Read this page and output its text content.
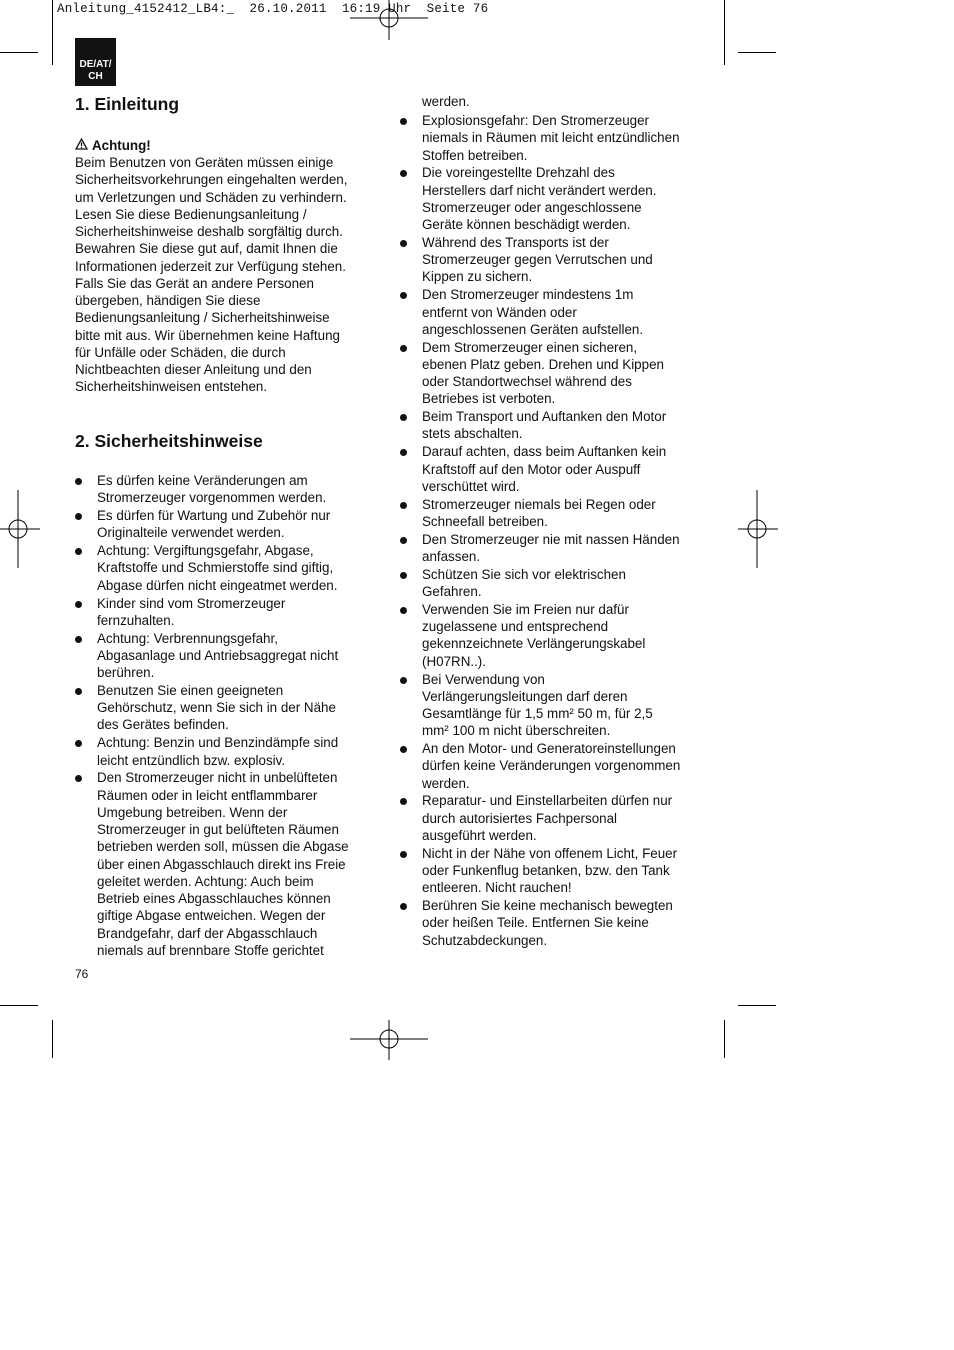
Anleitung_4152412_LB4:_  26.10.2011  16:19 Uhr  Seite 76
DE/AT/
CH
1. Einleitung
Achtung!
Beim Benutzen von Geräten müssen einige
Sicherheitsvorkehrungen eingehalten werden,
um Verletzungen und Schäden zu verhindern.
Lesen Sie diese Bedienungsanleitung /
Sicherheitshinweise deshalb sorgfältig durch.
Bewahren Sie diese gut auf, damit Ihnen die
Informationen jederzeit zur Verfügung stehen.
Falls Sie das Gerät an andere Personen
übergeben, händigen Sie diese
Bedienungsanleitung / Sicherheitshinweise
bitte mit aus. Wir übernehmen keine Haftung
für Unfälle oder Schäden, die durch
Nichtbeachten dieser Anleitung und den
Sicherheitshinweisen entstehen.
2. Sicherheitshinweise
Es dürfen keine Veränderungen am
Stromerzeuger vorgenommen werden.
Es dürfen für Wartung und Zubehör nur
Originalteile verwendet werden.
Achtung: Vergiftungsgefahr, Abgase,
Kraftstoffe und Schmierstoffe sind giftig,
Abgase dürfen nicht eingeatmet werden.
Kinder sind vom Stromerzeuger
fernzuhalten.
Achtung: Verbrennungsgefahr,
Abgasanlage und Antriebsaggregat nicht
berühren.
Benutzen Sie einen geeigneten
Gehörschutz, wenn Sie sich in der Nähe
des Gerätes befinden.
Achtung: Benzin und Benzindämpfe sind
leicht entzündlich bzw. explosiv.
Den Stromerzeuger nicht in unbelüfteten
Räumen oder in leicht entflammbarer
Umgebung betreiben. Wenn der
Stromerzeuger in gut belüfteten Räumen
betrieben werden soll, müssen die Abgase
über einen Abgasschlauch direkt ins Freie
geleitet werden. Achtung: Auch beim
Betrieb eines Abgasschlauches können
giftige Abgase entweichen. Wegen der
Brandgefahr, darf der Abgasschlauch
niemals auf brennbare Stoffe gerichtet
werden.
Explosionsgefahr: Den Stromerzeuger
niemals in Räumen mit leicht entzündlichen
Stoffen betreiben.
Die voreingestellte Drehzahl des
Herstellers darf nicht verändert werden.
Stromerzeuger oder angeschlossene
Geräte können beschädigt werden.
Während des Transports ist der
Stromerzeuger gegen Verrutschen und
Kippen zu sichern.
Den Stromerzeuger mindestens 1m
entfernt von Wänden oder
angeschlossenen Geräten aufstellen.
Dem Stromerzeuger einen sicheren,
ebenen Platz geben. Drehen und Kippen
oder Standortwechsel während des
Betriebes ist verboten.
Beim Transport und Auftanken den Motor
stets abschalten.
Darauf achten, dass beim Auftanken kein
Kraftstoff auf den Motor oder Auspuff
verschüttet wird.
Stromerzeuger niemals bei Regen oder
Schneefall betreiben.
Den Stromerzeuger nie mit nassen Händen
anfassen.
Schützen Sie sich vor elektrischen
Gefahren.
Verwenden Sie im Freien nur dafür
zugelassene und entsprechend
gekennzeichnete Verlängerungskabel
(H07RN..).
Bei Verwendung von
Verlängerungsleitungen darf deren
Gesamtlänge für 1,5 mm² 50 m, für 2,5
mm² 100 m nicht überschreiten.
An den Motor- und Generatoreinstellungen
dürfen keine Veränderungen vorgenommen
werden.
Reparatur- und Einstellarbeiten dürfen nur
durch autorisiertes Fachpersonal
ausgeführt werden.
Nicht in der Nähe von offenem Licht, Feuer
oder Funkenflug betanken, bzw. den Tank
entleeren. Nicht rauchen!
Berühren Sie keine mechanisch bewegten
oder heißen Teile. Entfernen Sie keine
Schutzabdeckungen.
76
